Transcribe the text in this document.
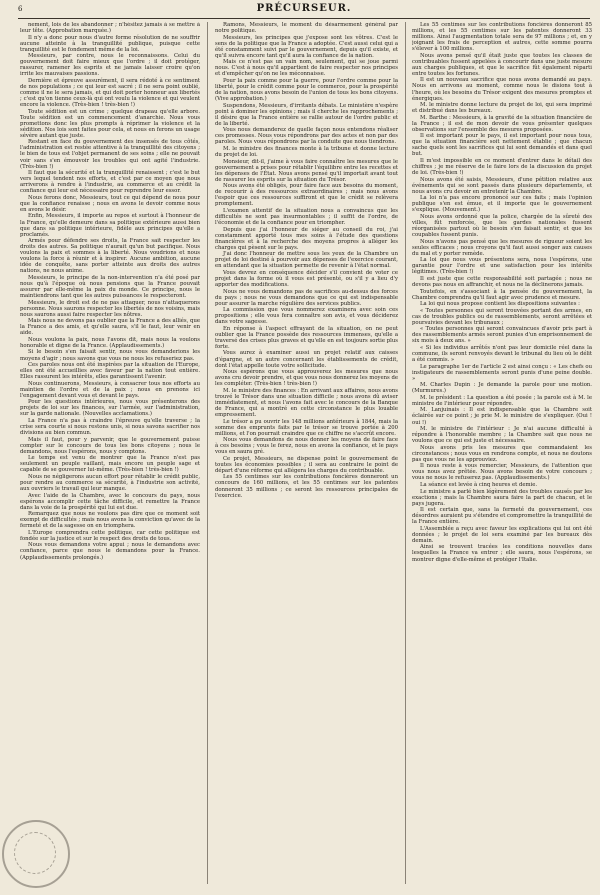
6	PRÉCURSEUR.

nement, lois de les abandonner ; n'hésitez jamais à se mettre à leur tête. (Approbation marquée.)

Il n'y a donc pour nous d'autre forme résolution de ne souffrir aucune atteinte à la tranquillité publique, puisque cette tranquillité est le fondement même de la loi.

Messieurs, par contre, nous le reconnaissons. Celui du gouvernement doit faire mieux que l'ordre ; il doit protéger, rassurer, ramener les esprits et ne jamais laisser croire qu'on irrite les mauvaises passions.

Dernière et épreuve assurément, il sera rédoté à ce sentiment de nos populations ; ce qui leur est sacré ; il ne sera point oublié, comme il ne le sera jamais, et qui doit porter honneur aux libertés ; c'est qu'on tienne ceux-là qui ont voulu la violence et qui veulent encore la violence. (Très-bien ! très-bien !)

Toute sédition est un crime ; quelque drapeau qu'elle arbore. Toute sédition est un commencement d'anarchie. Nous vous promettons donc les plus prompts à réprimer la violence et la sédition. Nos lois sont faites pour cela, et nous en ferons un usage sévère autant que juste.

Restant en face du gouvernement des insensés de tous côtés, l'administration est restée attentive à la tranquillité des citoyens ; le bien de tous est l'objet permanent de ses soins ; elle ne pouvait voir sans s'en émouvoir les troubles qui ont agité l'industrie. (Très-bien !)

Il faut que la sécurité et la tranquillité renaissent ; c'est le but vers lequel tendent nos efforts, et c'est par ce moyen que nous arriverons à rendre à l'industrie, au commerce et au crédit la confiance qui leur est nécessaire pour reprendre leur essor.

Nous ferons donc, Messieurs, tout ce qui dépend de nous pour que la confiance renaisse ; nous en avons le devoir comme nous en avons le désir.

Enfin, Messieurs, il importe au repos et surtout à l'honneur de la France, qu'elle demeure dans sa politique extérieure aussi bien que dans sa politique intérieure, fidèle aux principes qu'elle a proclamés.

Armés pour défendre ses droits, la France sait respecter les droits des autres. Sa politique n'aurait qu'un but pacifique. Nous voulons la paix et sommes à la liberté. Nous voudrions et nous voulons la force à réunir et à inspirer. Aucune ambition, aucune idée de conquête, sans porter atteinte aux droits des autres nations, ne nous anime.

Messieurs, le principe de la non-intervention n'a été posé par nous qu'à l'époque où nous pensions que la France pouvait assurer par elle-même la paix du monde. Ce principe, nous le maintiendrons tant que les autres puissances le respecteront.

Messieurs, le droit est de ne pas attaquer, nous n'attaquerons personne. Nous saurons respecter les libertés de nos voisins, mais nous saurons aussi faire respecter les nôtres.

Mais nous ne devons pas oublier que la France a des alliés, que la France a des amis, et qu'elle saura, s'il le faut, leur venir en aide.

Nous voulons la paix, nous l'avons dit, mais nous la voulons honorable et digne de la France. (Applaudissements.)

Si le besoin s'en faisait sentir, nous vous demanderions les moyens d'agir ; nous savons que vous ne nous les refuseriez pas.

Ces paroles nous ont été inspirées par la situation de l'Europe, elles ont été accueillies avec faveur par la nation tout entière. Elles rassurent les intérêts, elles garantissent l'avenir.

Nous continuerons, Messieurs, à consacrer tous nos efforts au maintien de l'ordre et de la paix ; nous en prenons ici l'engagement devant vous et devant le pays.

Pour les questions intérieures, nous vous présenterons des projets de loi sur les finances, sur l'armée, sur l'administration, sur la garde nationale. (Nouvelles acclamations.)

La France n'a pas à craindre l'épreuve qu'elle traverse ; la crise sera courte si nous restons unis, si nous savons sacrifier nos divisions au bien commun.

Mais il faut, pour y parvenir, que le gouvernement puisse compter sur le concours de tous les bons citoyens ; nous le demandons, nous l'espérons, nous y comptons.

Le temps est venu de montrer que la France n'est pas seulement un peuple vaillant, mais encore un peuple sage et capable de se gouverner lui-même. (Très-bien ! très-bien !)

Nous ne négligerons aucun effort pour rétablir le crédit public, pour rendre au commerce sa sécurité, à l'industrie son activité, aux ouvriers le travail qui leur manque.

Avec l'aide de la Chambre, avec le concours du pays, nous espérons accomplir cette tâche difficile, et remettre la France dans la voie de la prospérité qui lui est due.

Remarquez que nous ne voulons pas dire que ce moment soit exempt de difficultés ; mais nous avons la conviction qu'avec de la fermeté et de la sagesse on en triomphera.

L'Europe comprendra cette politique, car cette politique est fondée sur la justice et sur le respect des droits de tous.

Nous vous demandons votre appui ; nous le demandons avec confiance, parce que nous le demandons pour la France. (Applaudissements prolongés.)

Ramons, Messieurs, le moment du désarmement général par notre politique.

Messieurs, les principes que j'expose sont les vôtres. C'est le sens de la politique que la France a adoptée. C'est aussi celui qui a été constamment suivi par le gouvernement, depuis qu'il existe, et qu'il suivra encore tant qu'il aura la confiance de la nation.

Mais ce n'est pas un vain nom, seulement, qui se joue parmi nous. C'est à nous qu'il appartient de faire respecter nos principes et d'empêcher qu'on ne les méconnaisse.

Pour la paix comme pour la guerre, pour l'ordre comme pour la liberté, pour le crédit comme pour le commerce, pour la prospérité de la nation, nous avons besoin de l'union de tous les bons citoyens. (Vive approbation.)

Suspendons, Messieurs, d'irritants débats. Le ministère n'espère point à dominer les opinions ; mais il cherche les rapprochements ; il désire que la France entière se rallie autour de l'ordre public et de la liberté.

Vous nous demanderez de quelle façon nous entendons réaliser ces promesses. Nous vous répondrons par des actes et non par des paroles. Nous vous répondrons par la conduite que nous tiendrons.

M. le ministre des finances monte à la tribune et donne lecture du projet de loi.

Monsieur, dit-il, j'aime à vous faire connaître les mesures que le gouvernement a prises pour rétablir l'équilibre entre les recettes et les dépenses de l'État. Nous avons pensé qu'il importait avant tout de rassurer les esprits sur la situation du Trésor.

Nous avons été obligés, pour faire face aux besoins du moment, de recourir à des ressources extraordinaires ; mais nous avons l'espoir que ces ressources suffiront et que le crédit se relèvera promptement.

L'examen attentif de la situation nous a convaincus que les difficultés ne sont pas insurmontables ; il suffit de l'ordre, de l'économie et de la confiance pour en triompher.

Depuis que j'ai l'honneur de siéger au conseil du roi, j'ai constamment apporté tous mes soins à l'étude des questions financières et à la recherche des moyens propres à alléger les charges qui pèsent sur le pays.

J'ai donc l'honneur de mettre sous les yeux de la Chambre un projet de loi destiné à pourvoir aux dépenses de l'exercice courant, en attendant que la situation permette de revenir à l'état normal.

Vous devrez en conséquence décider s'il convient de voter ce projet dans la forme où il vous est présenté, ou s'il y a lieu d'y apporter des modifications.

Nous ne vous demandons pas de sacrifices au-dessus des forces du pays ; nous ne vous demandons que ce qui est indispensable pour assurer la marche régulière des services publics.

La commission que vous nommerez examinera avec soin ces propositions ; elle vous fera connaître son avis, et vous déciderez dans votre sagesse.

En réponse à l'aspect effrayant de la situation, on ne peut oublier que la France possède des ressources immenses, qu'elle a traversé des crises plus graves et qu'elle en est toujours sortie plus forte.

Vous aurez à examiner aussi un projet relatif aux caisses d'épargne, et un autre concernant les établissements de crédit, dont l'état appelle toute votre sollicitude.

Nous espérons que vous approuverez les mesures que nous avons cru devoir prendre, et que vous nous donnerez les moyens de les compléter. (Très-bien ! très-bien !)

M. le ministre des finances : En arrivant aux affaires, nous avons trouvé le Trésor dans une situation difficile ; nous avons dû aviser immédiatement, et nous l'avons fait avec le concours de la Banque de France, qui a montré en cette circonstance le plus louable empressement.

Le trésor a pu ouvrir les 148 millions antérieurs à 1844, mais la somme des emprunts faits par le trésor se trouve portée à 200 millions, et l'on pourrait craindre que ce chiffre ne s'accrût encore.

Nous vous demandons de nous donner les moyens de faire face à ces besoins ; vous le ferez, nous en avons la confiance, et le pays vous en saura gré.

Ce projet, Messieurs, ne dispense point le gouvernement de toutes les économies possibles ; il sera au contraire le point de départ d'une réforme qui allégera les charges du contribuable.

Les 55 centimes sur les contributions foncières donneront un concours de 160 millions, et les 55 centimes sur les patentes donneront 35 millions ; ce seront les ressources principales de l'exercice.

Les 55 centimes sur les contributions foncières donneront 85 millions, et les 55 centimes sur les patentes donneront 33 millions. Ainsi l'augmentation totale sera de 97 millions ; et, en y joignant les frais de perception et autres, cette somme pourra s'élever à 100 millions.

Nous avons pensé qu'il était juste que toutes les classes de contribuables fussent appelées à concourir dans une juste mesure aux charges publiques, et que le sacrifice fût également réparti entre toutes les fortunes.

Il est un nouveau sacrifice que nous avons demandé au pays. Nous en arrivons au moment, comme nous le disions tout à l'heure, où les besoins du Trésor exigent des mesures promptes et énergiques.

M. le ministre donne lecture du projet de loi, qui sera imprimé et distribué dans les bureaux.

M. Barthe : Messieurs, à la gravité de la situation financière de la France ; il est de mon devoir de vous présenter quelques observations sur l'ensemble des mesures proposées.

Il est important pour le pays, il est important pour nous tous, que la situation financière soit nettement établie ; que chacun sache quels sont les sacrifices qui lui sont demandés et dans quel but.

Il m'est impossible en ce moment d'entrer dans le détail des chiffres ; je me réserve de le faire lors de la discussion du projet de loi. (Très-bien !)

Nous avons été saisis, Messieurs, d'une pétition relative aux événements qui se sont passés dans plusieurs départements, et nous avons cru devoir en entretenir la Chambre.

La loi n'a pas encore prononcé sur ces faits ; mais l'opinion publique s'en est émue, et il importe que le gouvernement s'explique. (Mouvement.)

Nous avons ordonné que la police, chargée de la sûreté des villes, fût renforcée, que les gardes nationales fussent réorganisées partout où le besoin s'en faisait sentir, et que les coupables fussent punis.

Nous n'avons pas pensé que les mesures de rigueur soient les seules efficaces ; nous croyons qu'il faut aussi songer aux causes du mal et y porter remède.

La loi que nous vous présentons sera, nous l'espérons, une garantie pour l'ordre et une satisfaction pour les intérêts légitimes. (Très-bien !)

Il est juste que cette responsabilité soit partagée ; nous ne devons pas nous en affranchir, et nous ne la déclinerons jamais.

Toutefois, en s'associant à la pensée du gouvernement, la Chambre comprendra qu'il faut agir avec prudence et mesure.

La loi qui nous propose contient les dispositions suivantes :

« Toutes personnes qui seront trouvées portant des armes, en cas de troubles publics ou de rassemblements, seront arrêtées et poursuivies devant les tribunaux ;

« Toutes personnes qui seront convaincues d'avoir pris part à des rassemblements armés seront punies d'un emprisonnement de six mois à deux ans. »

« Si les individus arrêtés n'ont pas leur domicile réel dans la commune, ils seront renvoyés devant le tribunal du lieu où le délit a été commis. »

Le paragraphe 1er de l'article 2 est ainsi conçu : « Les chefs ou instigateurs de rassemblements seront punis d'une peine double. »

M. Charles Dupin : Je demande la parole pour une motion. (Murmures.)

M. le président : La question a été posée ; la parole est à M. le ministre de l'intérieur pour répondre.

M. Lanjuinais : Il est indispensable que la Chambre soit éclairée sur ce point ; je prie M. le ministre de s'expliquer. (Oui ! oui !)

M. le ministre de l'intérieur : Je n'ai aucune difficulté à répondre à l'honorable membre ; la Chambre sait que nous ne voulons que ce qui est juste et nécessaire.

Nous avons pris les mesures que commandaient les circonstances ; nous vous en rendrons compte, et nous ne doutons pas que vous ne les approuviez.

Il nous reste à vous remercier, Messieurs, de l'attention que vous nous avez prêtée. Nous avons besoin de votre concours ; vous ne nous le refuserez pas. (Applaudissements.)

La séance est levée à cinq heures et demie.

Le ministre a parlé bien légèrement des troubles causés par les exactions ; mais la Chambre saura faire la part de chacun, et le pays jugera.

Il est certain que, sans la fermeté du gouvernement, ces désordres auraient pu s'étendre et compromettre la tranquillité de la France entière.

L'Assemblée a reçu avec faveur les explications qui lui ont été données ; le projet de loi sera examiné par les bureaux dès demain.

Ainsi se trouvent tracées les conditions nouvelles dans lesquelles la France va entrer ; elle saura, nous l'espérons, se montrer digne d'elle-même et protéger l'Italie.
